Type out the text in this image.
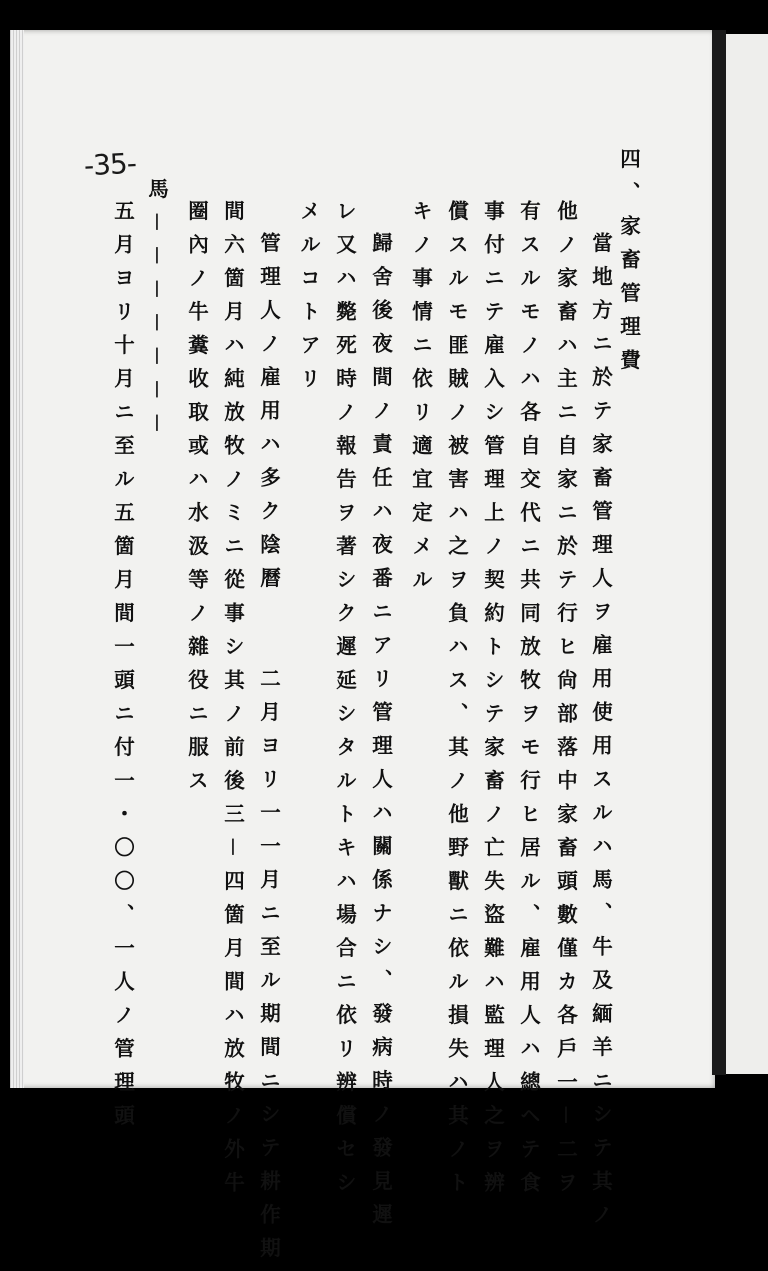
-35-	四、家畜管理費
當地方ニ於テ家畜管理人ヲ雇用使用スルハ馬、牛及緬羊ニシテ其ノ
他ノ家畜ハ主ニ自家ニ於テ行ヒ尙部落中家畜頭數僅カ各戶一－二ヲ
有スルモノハ各自交代ニ共同放牧ヲモ行ヒ居ル、雇用人ハ總ヘテ食
事付ニテ雇入シ管理上ノ契約トシテ家畜ノ亡失盜難ハ監理人之ヲ辨
償スルモ匪賊ノ被害ハ之ヲ負ハス、其ノ他野獸ニ依ル損失ハ其ノト
キノ事情ニ依リ適宜定メル
歸舍後夜間ノ責任ハ夜番ニアリ管理人ハ關係ナシ、發病時ノ發見遲
レ又ハ斃死時ノ報告ヲ著シク遲延シタルトキハ場合ニ依リ辨償セシ
メルコトアリ
管理人ノ雇用ハ多ク陰曆　　二月ヨリ一一月ニ至ル期間ニシテ耕作期
間六箇月ハ純放牧ノミニ從事シ其ノ前後三－四箇月間ハ放牧ノ外牛
圈內ノ牛糞收取或ハ水汲等ノ雜役ニ服ス
馬－－－－－－－
五月ヨリ十月ニ至ル五箇月間一頭ニ付一・〇〇、一人ノ管理頭
